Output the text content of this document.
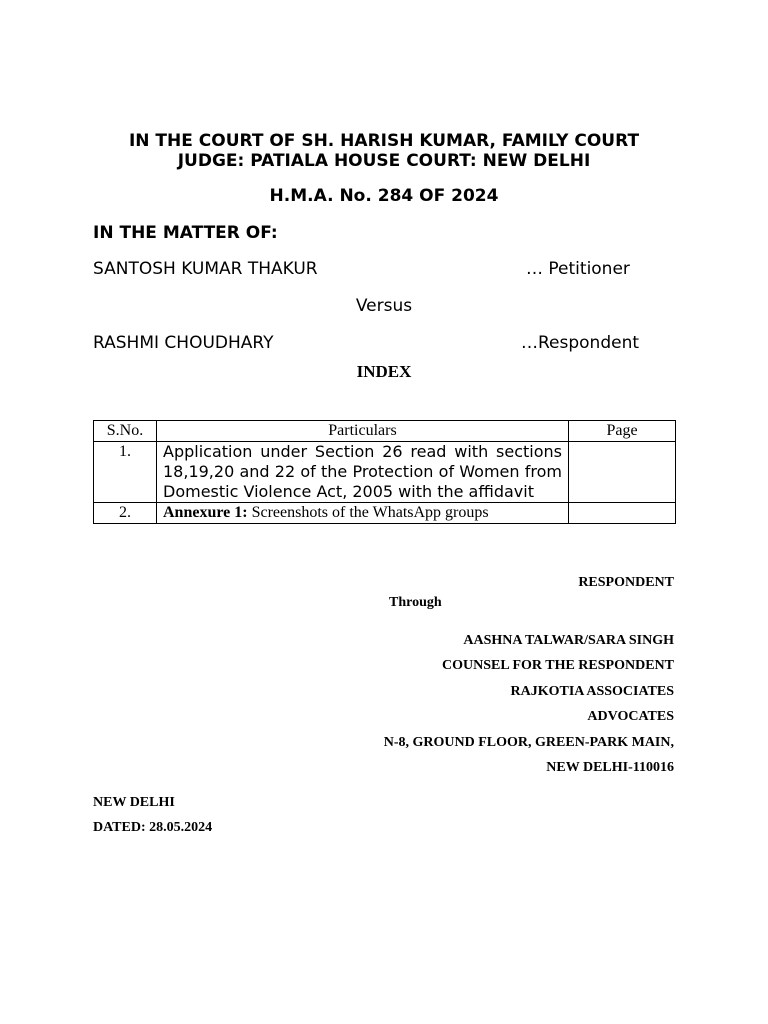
IN THE COURT OF SH. HARISH KUMAR, FAMILY COURT
JUDGE: PATIALA HOUSE COURT: NEW DELHI
H.M.A. No. 284 OF 2024
IN THE MATTER OF:
SANTOSH KUMAR THAKUR	… Petitioner
Versus
RASHMI CHOUDHARY	…Respondent
INDEX
S.No.	Particulars	Page
1.	Application under Section 26 read with sections 18,19,20 and 22 of the Protection of Women from Domestic Violence Act, 2005 with the affidavit	
2.	Annexure 1: Screenshots of the WhatsApp groups	
RESPONDENT
Through
AASHNA TALWAR/SARA SINGH
COUNSEL FOR THE RESPONDENT
RAJKOTIA ASSOCIATES
ADVOCATES
N-8, GROUND FLOOR, GREEN-PARK MAIN,
NEW DELHI-110016
NEW DELHI
DATED: 28.05.2024
